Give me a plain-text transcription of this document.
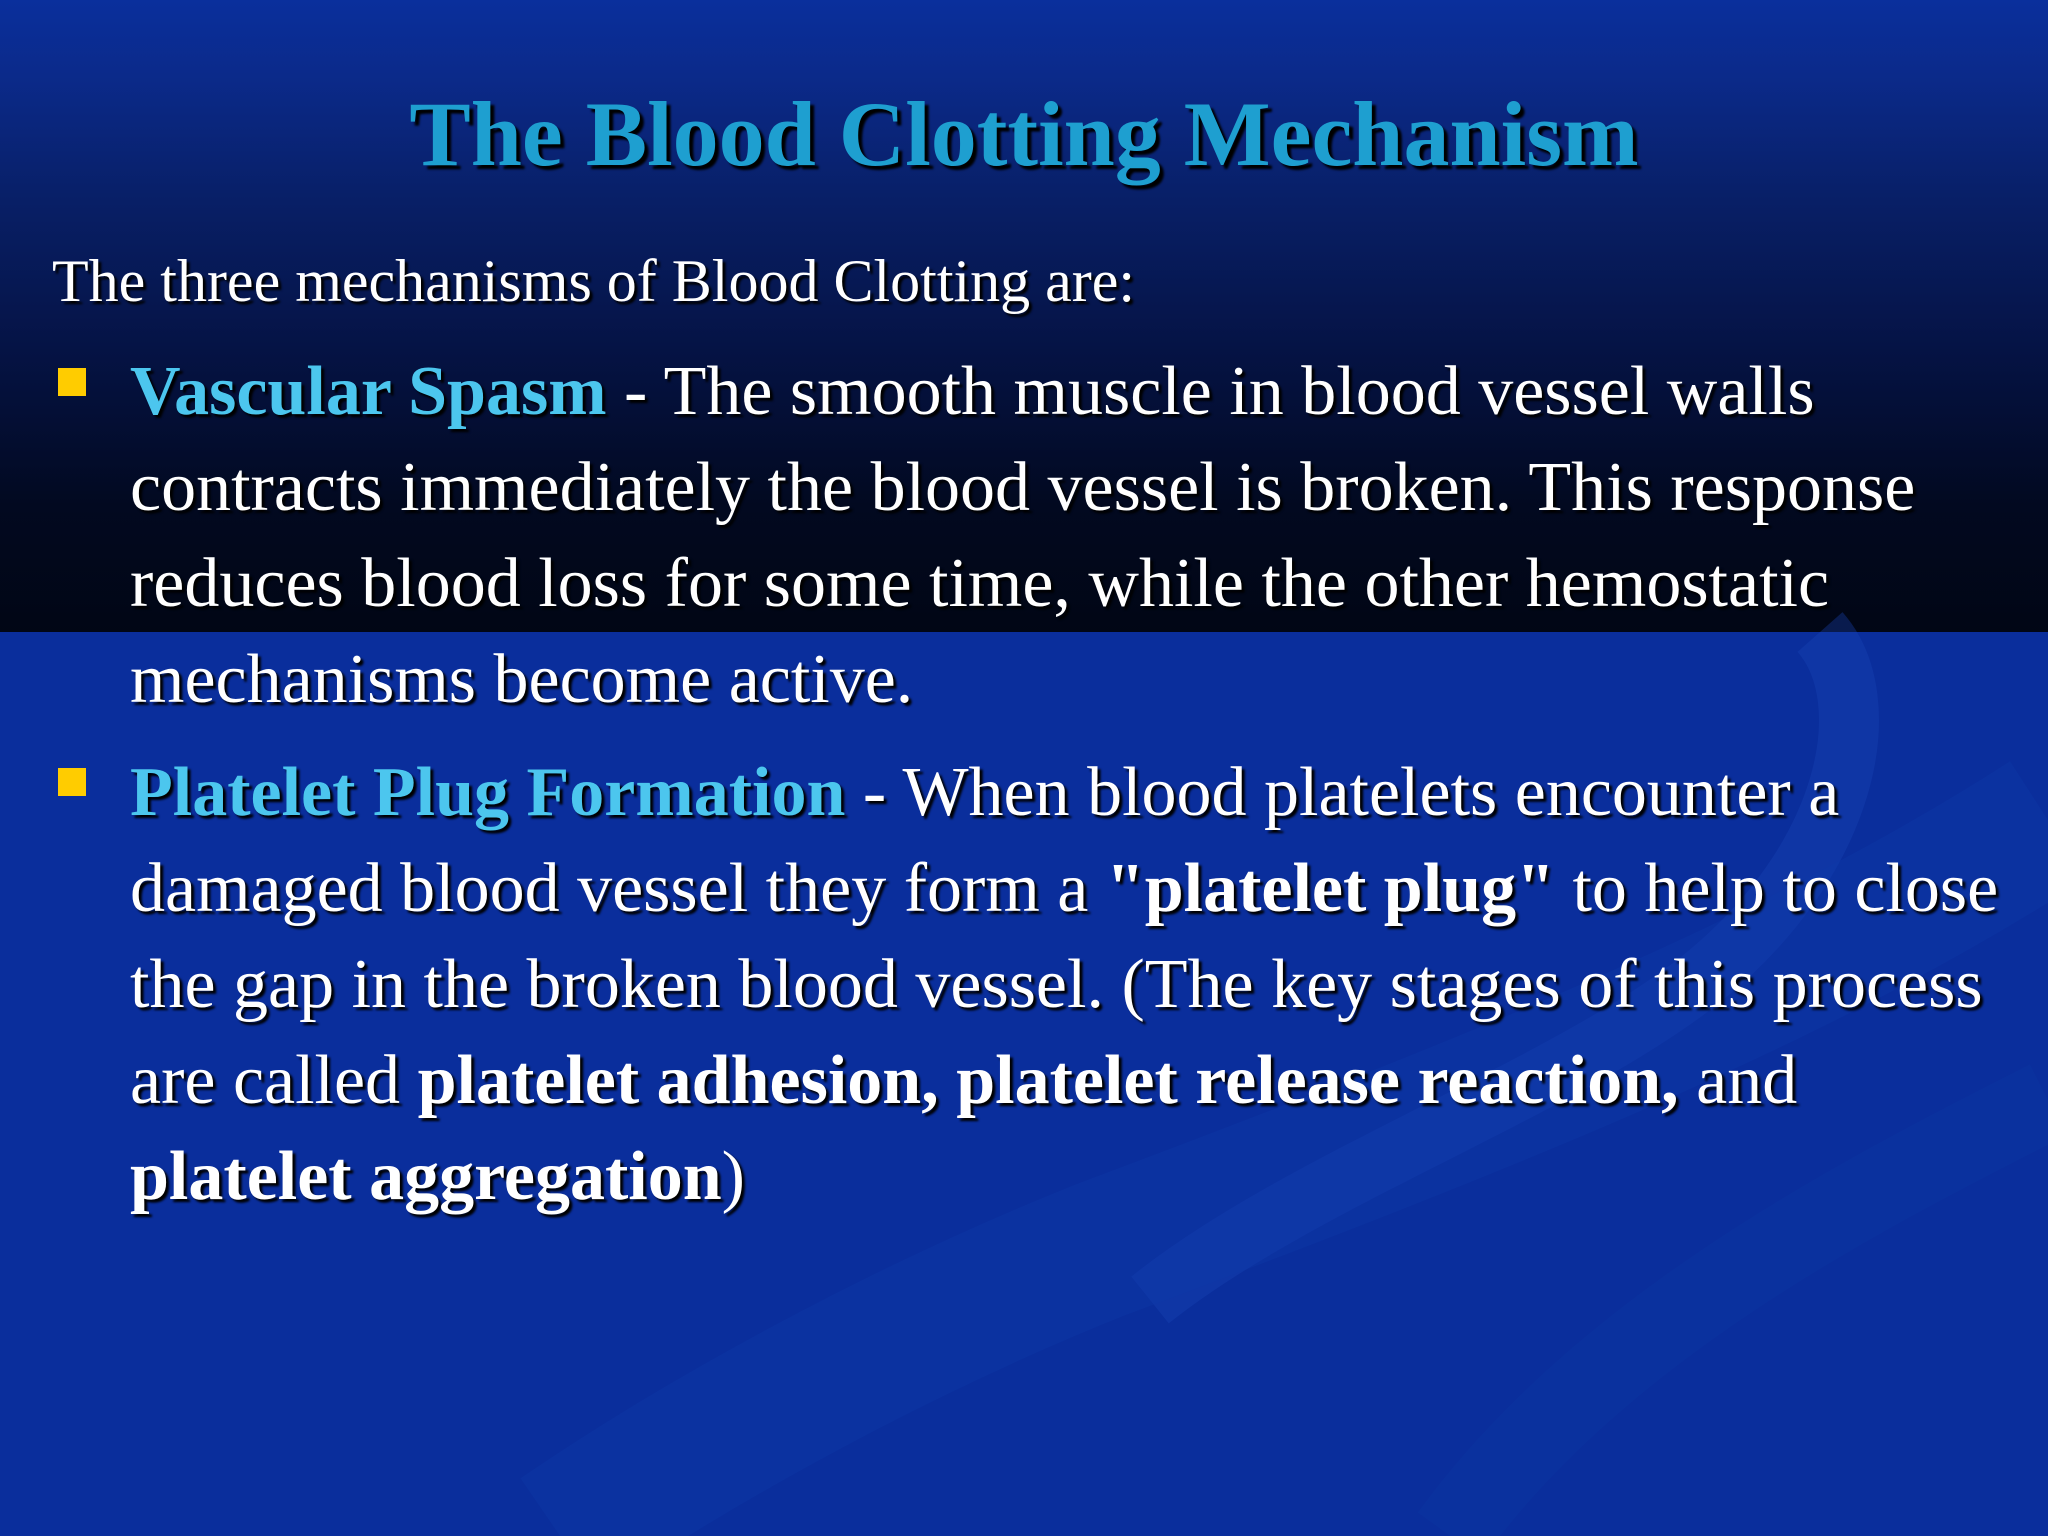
The Blood Clotting Mechanism

The three mechanisms of Blood Clotting are:

Vascular Spasm - The smooth muscle in blood vessel walls contracts immediately the blood vessel is broken. This response reduces blood loss for some time, while the other hemostatic mechanisms become active.

Platelet Plug Formation - When blood platelets encounter a damaged blood vessel they form a "platelet plug" to help to close the gap in the broken blood vessel. (The key stages of this process are called platelet adhesion, platelet release reaction, and platelet aggregation)
